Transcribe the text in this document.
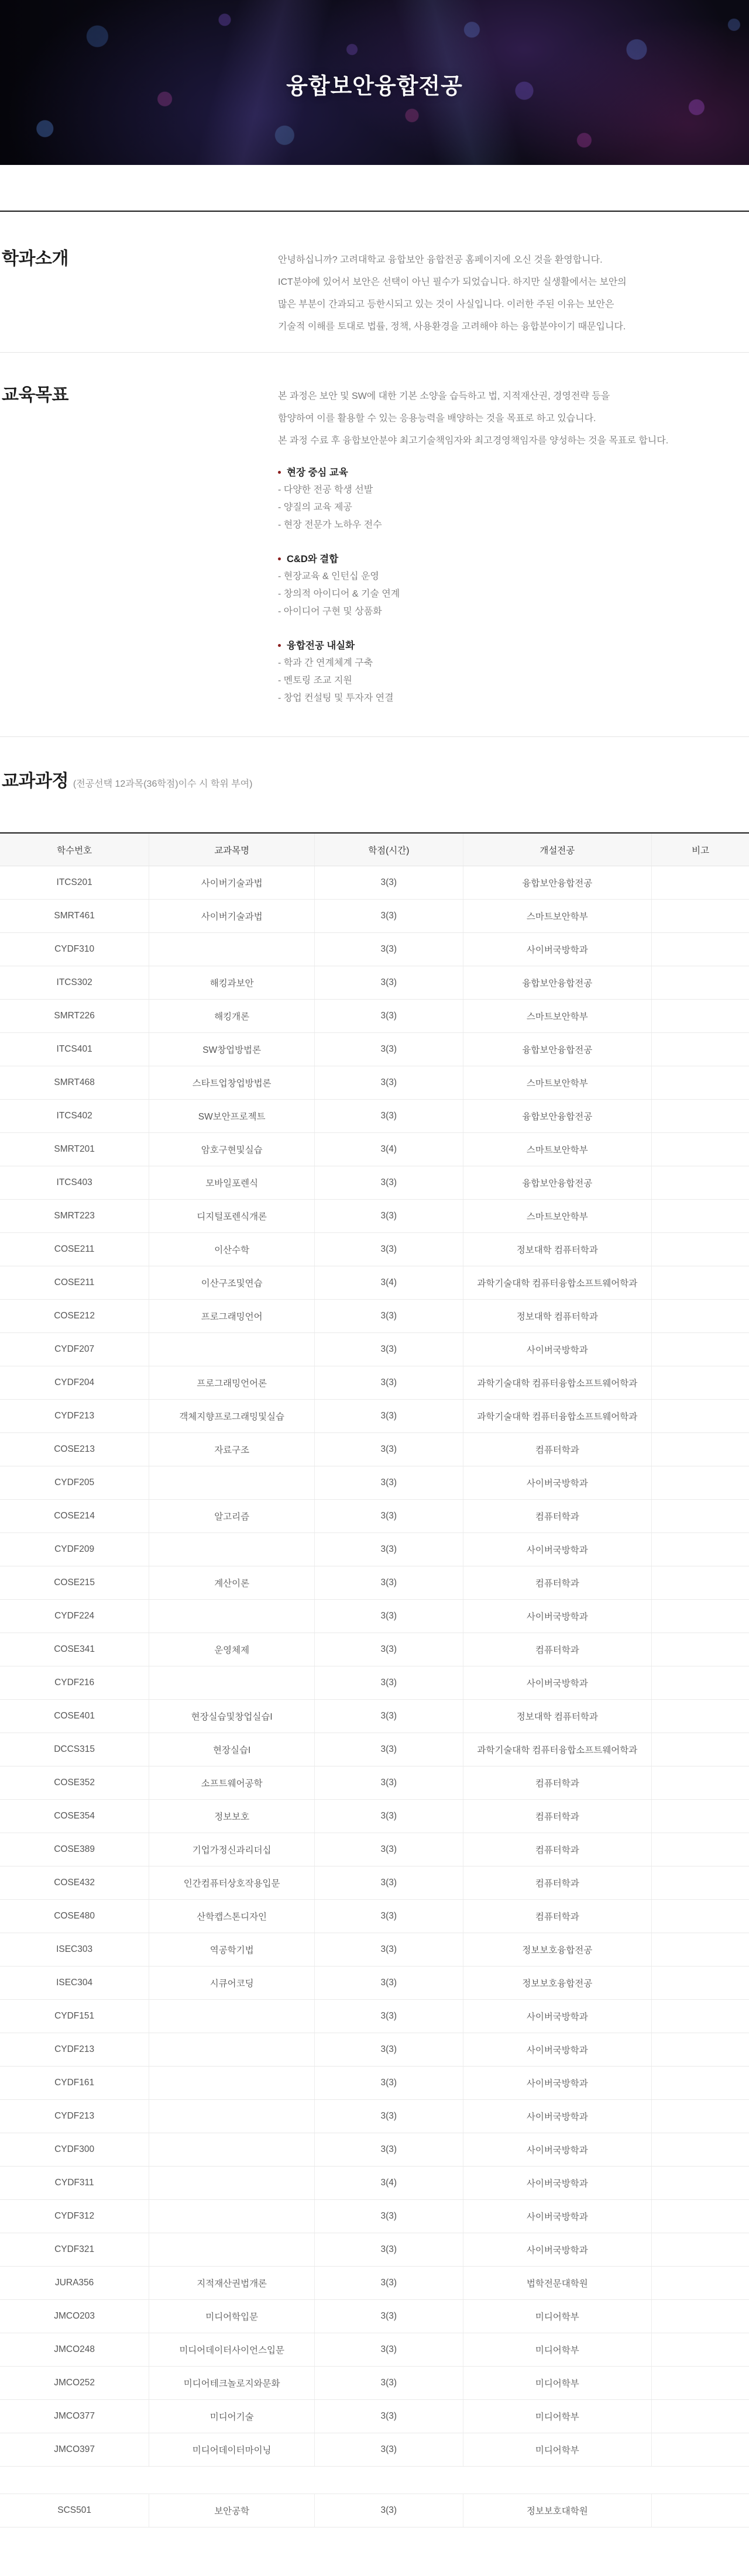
융합보안융합전공
학과소개	안녕하십니까? 고려대학교 융합보안 융합전공 홈페이지에 오신 것을 환영합니다.
ICT분야에 있어서 보안은 선택이 아닌 필수가 되었습니다. 하지만 실생활에서는 보안의
많은 부분이 간과되고 등한시되고 있는 것이 사실입니다. 이러한 주된 이유는 보안은
기술적 이해를 토대로 법률, 정책, 사용환경을 고려해야 하는 융합분야이기 때문입니다.
교육목표	본 과정은 보안 및 SW에 대한 기본 소양을 습득하고 법, 지적재산권, 경영전략 등을
함양하여 이를 활용할 수 있는 응용능력을 배양하는 것을 목표로 하고 있습니다.
본 과정 수료 후 융합보안분야 최고기술책임자와 최고경영책임자를 양성하는 것을 목표로 합니다.
현장 중심 교육
- 다양한 전공 학생 선발
- 양질의 교육 제공
- 현장 전문가 노하우 전수
C&D와 결합
- 현장교육 & 인턴십 운영
- 창의적 아이디어 & 기술 연계
- 아이디어 구현 및 상품화
융합전공 내실화
- 학과 간 연계체계 구축
- 멘토링 조교 지원
- 창업 컨설팅 및 투자자 연결
교과과정 (전공선택 12과목(36학점)이수 시 학위 부여)
학수번호	교과목명	학점(시간)	개설전공	비고
ITCS201	사이버기술과법	3(3)	융합보안융합전공	
SMRT461	사이버기술과법	3(3)	스마트보안학부	
CYDF310		3(3)	사이버국방학과	
ITCS302	해킹과보안	3(3)	융합보안융합전공	
SMRT226	해킹개론	3(3)	스마트보안학부	
ITCS401	SW창업방법론	3(3)	융합보안융합전공	
SMRT468	스타트업창업방법론	3(3)	스마트보안학부	
ITCS402	SW보안프로젝트	3(3)	융합보안융합전공	
SMRT201	암호구현및실습	3(4)	스마트보안학부	
ITCS403	모바일포렌식	3(3)	융합보안융합전공	
SMRT223	디지털포렌식개론	3(3)	스마트보안학부	
COSE211	이산수학	3(3)	정보대학 컴퓨터학과	
COSE211	이산구조및연습	3(4)	과학기술대학 컴퓨터융합소프트웨어학과	
COSE212	프로그래밍언어	3(3)	정보대학 컴퓨터학과	
CYDF207		3(3)	사이버국방학과	
CYDF204	프로그래밍언어론	3(3)	과학기술대학 컴퓨터융합소프트웨어학과	
CYDF213	객체지향프로그래밍및실습	3(3)	과학기술대학 컴퓨터융합소프트웨어학과	
COSE213	자료구조	3(3)	컴퓨터학과	
CYDF205		3(3)	사이버국방학과	
COSE214	알고리즘	3(3)	컴퓨터학과	
CYDF209		3(3)	사이버국방학과	
COSE215	계산이론	3(3)	컴퓨터학과	
CYDF224		3(3)	사이버국방학과	
COSE341	운영체제	3(3)	컴퓨터학과	
CYDF216		3(3)	사이버국방학과	
COSE401	현장실습및창업실습I	3(3)	정보대학 컴퓨터학과	
DCCS315	현장실습I	3(3)	과학기술대학 컴퓨터융합소프트웨어학과	
COSE352	소프트웨어공학	3(3)	컴퓨터학과	
COSE354	정보보호	3(3)	컴퓨터학과	
COSE389	기업가정신과리더십	3(3)	컴퓨터학과	
COSE432	인간컴퓨터상호작용입문	3(3)	컴퓨터학과	
COSE480	산학캡스톤디자인	3(3)	컴퓨터학과	
ISEC303	역공학기법	3(3)	정보보호융합전공	
ISEC304	시큐어코딩	3(3)	정보보호융합전공	
CYDF151		3(3)	사이버국방학과	
CYDF213		3(3)	사이버국방학과	
CYDF161		3(3)	사이버국방학과	
CYDF213		3(3)	사이버국방학과	
CYDF300		3(3)	사이버국방학과	
CYDF311		3(4)	사이버국방학과	
CYDF312		3(3)	사이버국방학과	
CYDF321		3(3)	사이버국방학과	
JURA356	지적재산권법개론	3(3)	법학전문대학원	
JMCO203	미디어학입문	3(3)	미디어학부	
JMCO248	미디어데이터사이언스입문	3(3)	미디어학부	
JMCO252	미디어테크놀로지와문화	3(3)	미디어학부	
JMCO377	미디어기술	3(3)	미디어학부	
JMCO397	미디어데이터마이닝	3(3)	미디어학부	
SCS501	보안공학	3(3)	정보보호대학원	
